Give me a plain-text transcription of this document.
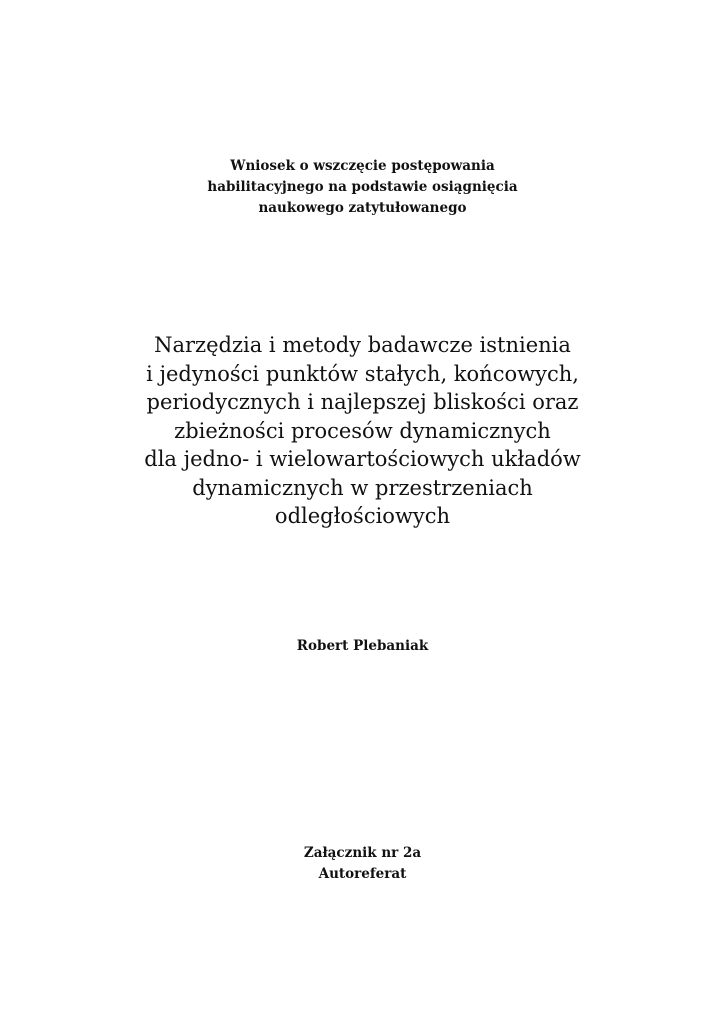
Wniosek o wszczęcie postępowania
habilitacyjnego na podstawie osiągnięcia
naukowego zatytułowanego
Narzędzia i metody badawcze istnienia
i jedyności punktów stałych, końcowych,
periodycznych i najlepszej bliskości oraz
zbieżności procesów dynamicznych
dla jedno- i wielowartościowych układów
dynamicznych w przestrzeniach
odległościowych
Robert Plebaniak
Załącznik nr 2a
Autoreferat
